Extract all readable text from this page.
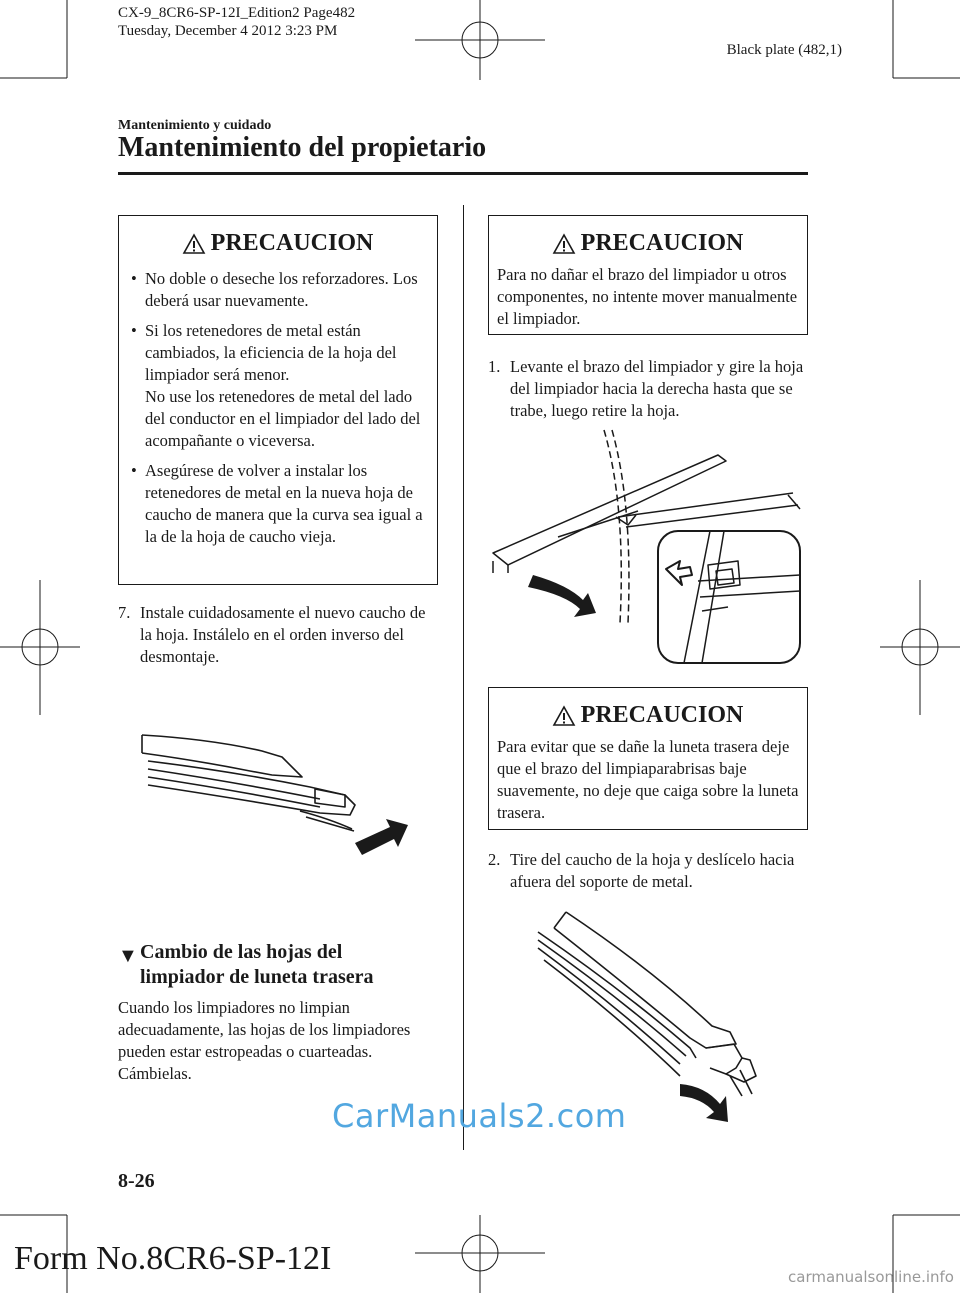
CX-9_8CR6-SP-12I_Edition2 Page482
Tuesday, December 4 2012 3:23 PM
Black plate (482,1)
Mantenimiento y cuidado
Mantenimiento del propietario
PRECAUCION
• No doble o deseche los reforzadores. Los deberá usar nuevamente.
• Si los retenedores de metal están cambiados, la eficiencia de la hoja del limpiador será menor.
No use los retenedores de metal del lado del conductor en el limpiador del lado del acompañante o viceversa.
• Asegúrese de volver a instalar los retenedores de metal en la nueva hoja de caucho de manera que la curva sea igual a la de la hoja de caucho vieja.
7. Instale cuidadosamente el nuevo caucho de la hoja. Instálelo en el orden inverso del desmontaje.
▼ Cambio de las hojas del
limpiador de luneta trasera
Cuando los limpiadores no limpian adecuadamente, las hojas de los limpiadores pueden estar estropeadas o cuarteadas.
Cámbielas.
PRECAUCION

Para no dañar el brazo del limpiador u otros componentes, no intente mover manualmente el limpiador.

1. Levante el brazo del limpiador y gire la hoja del limpiador hacia la derecha hasta que se trabe, luego retire la hoja.
PRECAUCION

Para evitar que se dañe la luneta trasera deje que el brazo del limpiaparabrisas baje suavemente, no deje que caiga sobre la luneta trasera.

2. Tire del caucho de la hoja y deslícelo hacia afuera del soporte de metal.
CarManuals2.com
8-26
Form No.8CR6-SP-12I	carmanualsonline.info
